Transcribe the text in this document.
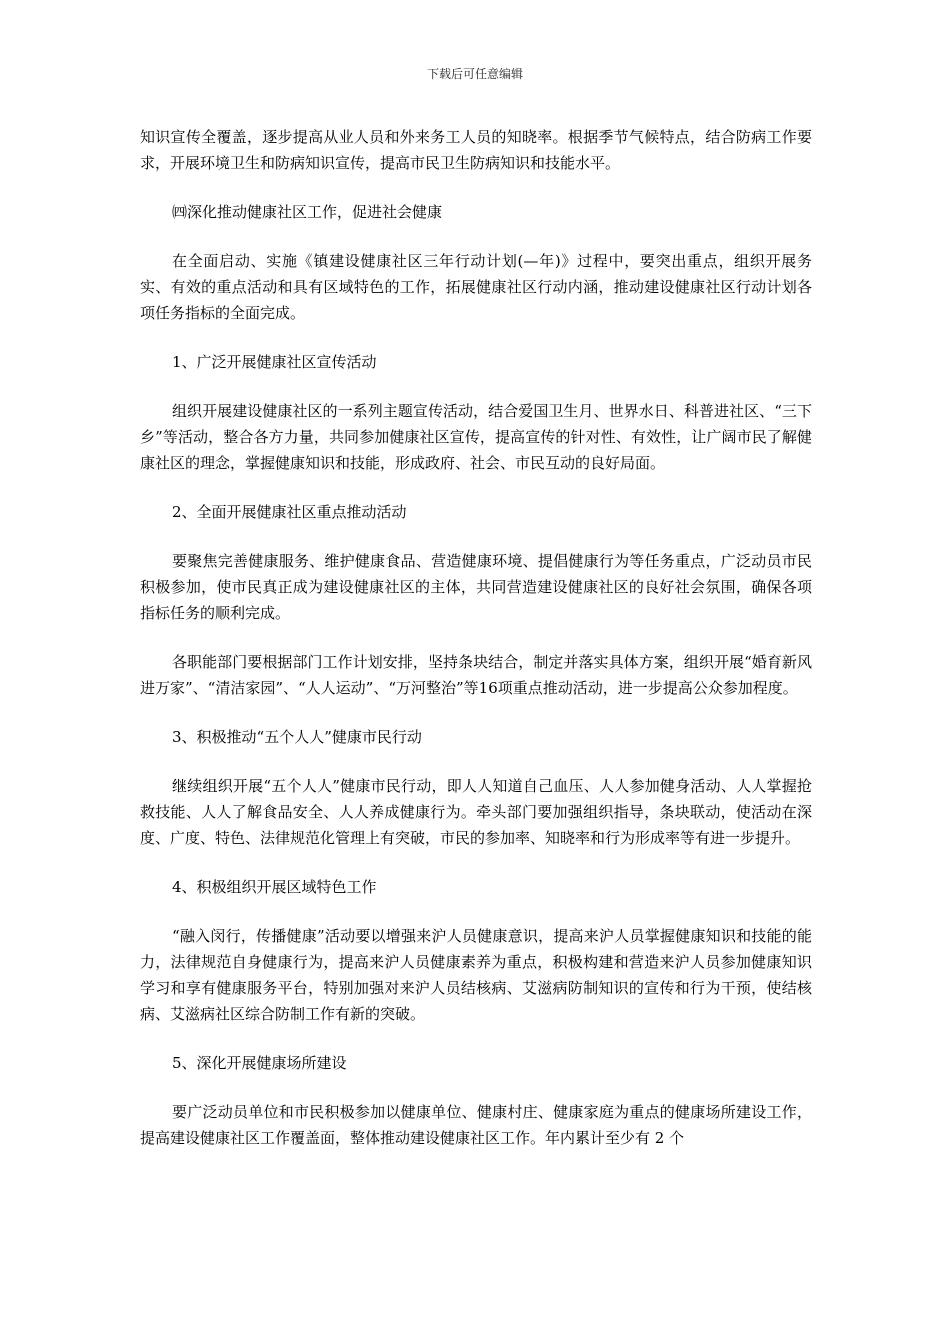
下载后可任意编辑

知识宣传全覆盖，逐步提高从业人员和外来务工人员的知晓率。根据季节气候特点，结合防病工作要求，开展环境卫生和防病知识宣传，提高市民卫生防病知识和技能水平。

㈣深化推动健康社区工作，促进社会健康

在全面启动、实施《镇建设健康社区三年行动计划(—年)》过程中，要突出重点，组织开展务实、有效的重点活动和具有区域特色的工作，拓展健康社区行动内涵，推动建设健康社区行动计划各项任务指标的全面完成。

1、广泛开展健康社区宣传活动

组织开展建设健康社区的一系列主题宣传活动，结合爱国卫生月、世界水日、科普进社区、“三下乡”等活动，整合各方力量，共同参加健康社区宣传，提高宣传的针对性、有效性，让广阔市民了解健康社区的理念，掌握健康知识和技能，形成政府、社会、市民互动的良好局面。

2、全面开展健康社区重点推动活动

要聚焦完善健康服务、维护健康食品、营造健康环境、提倡健康行为等任务重点，广泛动员市民积极参加，使市民真正成为建设健康社区的主体，共同营造建设健康社区的良好社会氛围，确保各项指标任务的顺利完成。

各职能部门要根据部门工作计划安排，坚持条块结合，制定并落实具体方案，组织开展“婚育新风进万家”、“清洁家园”、“人人运动”、“万河整治”等16项重点推动活动，进一步提高公众参加程度。

3、积极推动“五个人人”健康市民行动

继续组织开展“五个人人”健康市民行动，即人人知道自己血压、人人参加健身活动、人人掌握抢救技能、人人了解食品安全、人人养成健康行为。牵头部门要加强组织指导，条块联动，使活动在深度、广度、特色、法律规范化管理上有突破，市民的参加率、知晓率和行为形成率等有进一步提升。

4、积极组织开展区域特色工作

“融入闵行，传播健康”活动要以增强来沪人员健康意识，提高来沪人员掌握健康知识和技能的能力，法律规范自身健康行为，提高来沪人员健康素养为重点，积极构建和营造来沪人员参加健康知识学习和享有健康服务平台，特别加强对来沪人员结核病、艾滋病防制知识的宣传和行为干预，使结核病、艾滋病社区综合防制工作有新的突破。

5、深化开展健康场所建设

要广泛动员单位和市民积极参加以健康单位、健康村庄、健康家庭为重点的健康场所建设工作，提高建设健康社区工作覆盖面，整体推动建设健康社区工作。年内累计至少有 2 个
